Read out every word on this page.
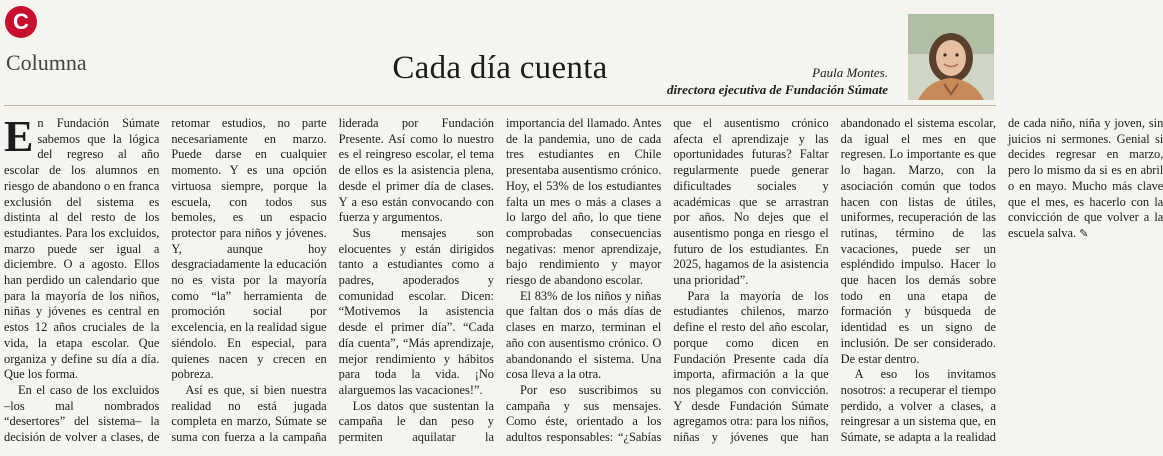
C
Columna	Cada día cuenta	Paula Montes.
directora ejecutiva de Fundación Súmate

En Fundación Súmate sabemos que la lógica del regreso al año escolar de los alumnos en riesgo de abandono o en franca exclusión del sistema es distinta al del resto de los estudiantes. Para los excluidos, marzo puede ser igual a diciembre. O a agosto. Ellos han perdido un calendario que para la mayoría de los niños, niñas y jóvenes es central en estos 12 años cruciales de la vida, la etapa escolar. Que organiza y define su día a día. Que los forma.

En el caso de los excluidos –los mal nombrados “desertores” del sistema– la decisión de volver a clases, de retomar estudios, no parte necesariamente en marzo. Puede darse en cualquier momento. Y es una opción virtuosa siempre, porque la escuela, con todos sus bemoles, es un espacio protector para niños y jóvenes. Y, aunque hoy desgraciadamente la educación no es vista por la mayoría como “la” herramienta de promoción social por excelencia, en la realidad sigue siéndolo. En especial, para quienes nacen y crecen en pobreza.

Así es que, si bien nuestra realidad no está jugada completa en marzo, Súmate se suma con fuerza a la campaña liderada por Fundación Presente. Así como lo nuestro es el reingreso escolar, el tema de ellos es la asistencia plena, desde el primer día de clases. Y a eso están convocando con fuerza y argumentos.

Sus mensajes son elocuentes y están dirigidos tanto a estudiantes como a padres, apoderados y comunidad escolar. Dicen: “Motivemos la asistencia desde el primer día”. “Cada día cuenta”, “Más aprendizaje, mejor rendimiento y hábitos para toda la vida. ¡No alarguemos las vacaciones!”.

Los datos que sustentan la campaña le dan peso y permiten aquilatar la importancia del llamado. Antes de la pandemia, uno de cada tres estudiantes en Chile presentaba ausentismo crónico. Hoy, el 53% de los estudiantes falta un mes o más a clases a lo largo del año, lo que tiene comprobadas consecuencias negativas: menor aprendizaje, bajo rendimiento y mayor riesgo de abandono escolar.

El 83% de los niños y niñas que faltan dos o más días de clases en marzo, terminan el año con ausentismo crónico. O abandonando el sistema. Una cosa lleva a la otra.

Por eso suscribimos su campaña y sus mensajes. Como éste, orientado a los adultos responsables: “¿Sabías que el ausentismo crónico afecta el aprendizaje y las oportunidades futuras? Faltar regularmente puede generar dificultades sociales y académicas que se arrastran por años. No dejes que el ausentismo ponga en riesgo el futuro de los estudiantes. En 2025, hagamos de la asistencia una prioridad”.

Para la mayoría de los estudiantes chilenos, marzo define el resto del año escolar, porque como dicen en Fundación Presente cada día importa, afirmación a la que nos plegamos con convicción. Y desde Fundación Súmate agregamos otra: para los niños, niñas y jóvenes que han abandonado el sistema escolar, da igual el mes en que regresen. Lo importante es que lo hagan. Marzo, con la asociación común que todos hacen con listas de útiles, uniformes, recuperación de las rutinas, término de las vacaciones, puede ser un espléndido impulso. Hacer lo que hacen los demás sobre todo en una etapa de formación y búsqueda de identidad es un signo de inclusión. De ser considerado. De estar dentro.

A eso los invitamos nosotros: a recuperar el tiempo perdido, a volver a clases, a reingresar a un sistema que, en Súmate, se adapta a la realidad de cada niño, niña y joven, sin juicios ni sermones. Genial si decides regresar en marzo, pero lo mismo da si es en abril o en mayo. Mucho más clave que el mes, es hacerlo con la convicción de que volver a la escuela salva. ✎
